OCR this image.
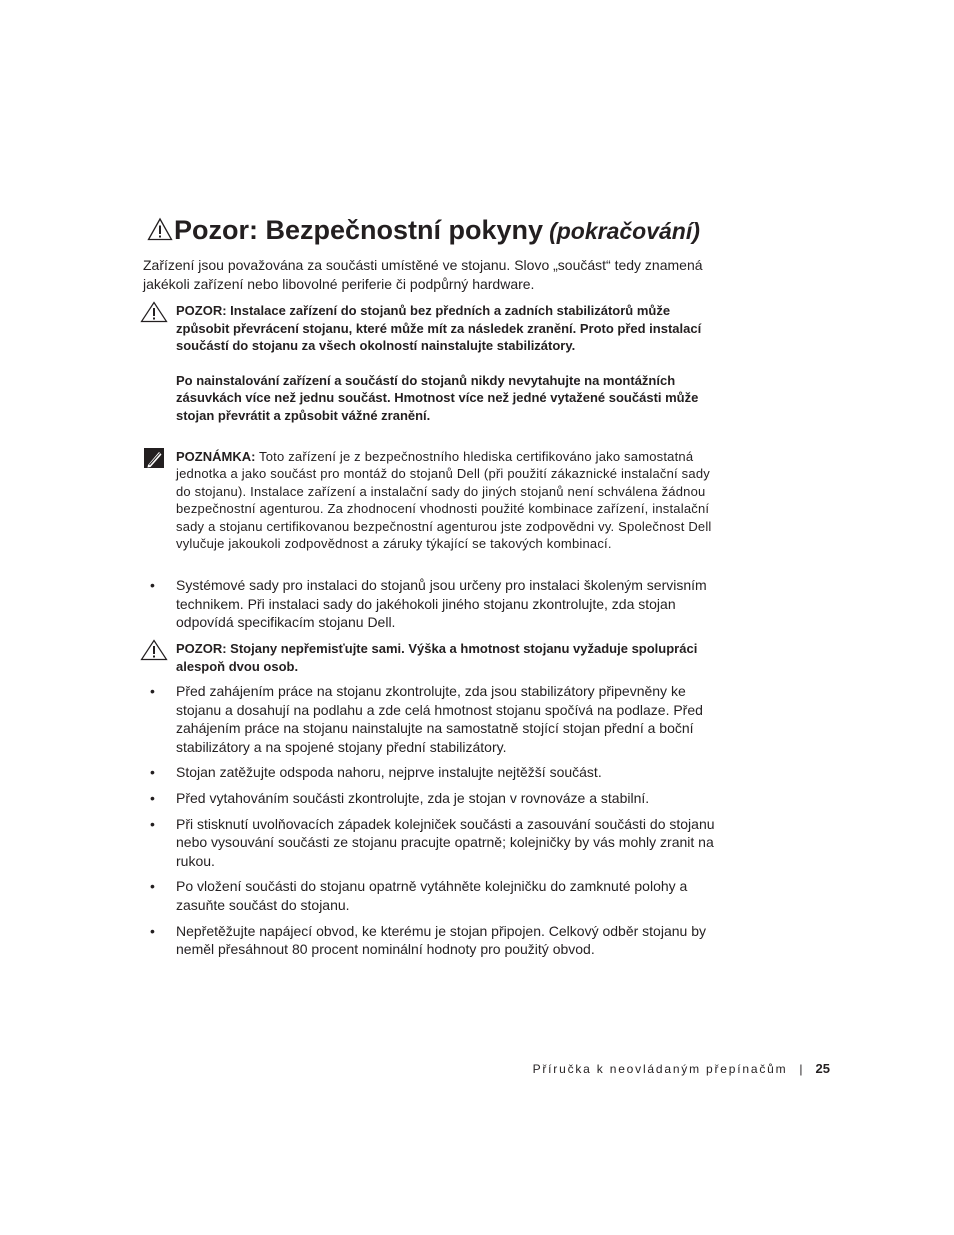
Pozor: Bezpečnostní pokyny (pokračování)

Zařízení jsou považována za součásti umístěné ve stojanu. Slovo „součást“ tedy znamená jakékoli zařízení nebo libovolné periferie či podpůrný hardware.

POZOR: Instalace zařízení do stojanů bez předních a zadních stabilizátorů může způsobit převrácení stojanu, které může mít za následek zranění. Proto před instalací součástí do stojanu za všech okolností nainstalujte stabilizátory.

Po nainstalování zařízení a součástí do stojanů nikdy nevytahujte na montážních zásuvkách více než jednu součást. Hmotnost více než jedné vytažené součásti může stojan převrátit a způsobit vážné zranění.

POZNÁMKA: Toto zařízení je z bezpečnostního hlediska certifikováno jako samostatná jednotka a jako součást pro montáž do stojanů Dell (při použití zákaznické instalační sady do stojanu). Instalace zařízení a instalační sady do jiných stojanů není schválena žádnou bezpečnostní agenturou. Za zhodnocení vhodnosti použité kombinace zařízení, instalační sady a stojanu certifikovanou bezpečnostní agenturou jste zodpovědni vy. Společnost Dell vylučuje jakoukoli zodpovědnost a záruky týkající se takových kombinací.

• Systémové sady pro instalaci do stojanů jsou určeny pro instalaci školeným servisním technikem. Při instalaci sady do jakéhokoli jiného stojanu zkontrolujte, zda stojan odpovídá specifikacím stojanu Dell.

POZOR: Stojany nepřemisťujte sami. Výška a hmotnost stojanu vyžaduje spolupráci alespoň dvou osob.

• Před zahájením práce na stojanu zkontrolujte, zda jsou stabilizátory připevněny ke stojanu a dosahují na podlahu a zde celá hmotnost stojanu spočívá na podlaze. Před zahájením práce na stojanu nainstalujte na samostatně stojící stojan přední a boční stabilizátory a na spojené stojany přední stabilizátory.
• Stojan zatěžujte odspoda nahoru, nejprve instalujte nejtěžší součást.
• Před vytahováním součásti zkontrolujte, zda je stojan v rovnováze a stabilní.
• Při stisknutí uvolňovacích západek kolejniček součásti a zasouvání součásti do stojanu nebo vysouvání součásti ze stojanu pracujte opatrně; kolejničky by vás mohly zranit na rukou.
• Po vložení součásti do stojanu opatrně vytáhněte kolejničku do zamknuté polohy a zasuňte součást do stojanu.
• Nepřetěžujte napájecí obvod, ke kterému je stojan připojen. Celkový odběr stojanu by neměl přesáhnout 80 procent nominální hodnoty pro použitý obvod.
Příručka k neovládaným přepínačům | 25
